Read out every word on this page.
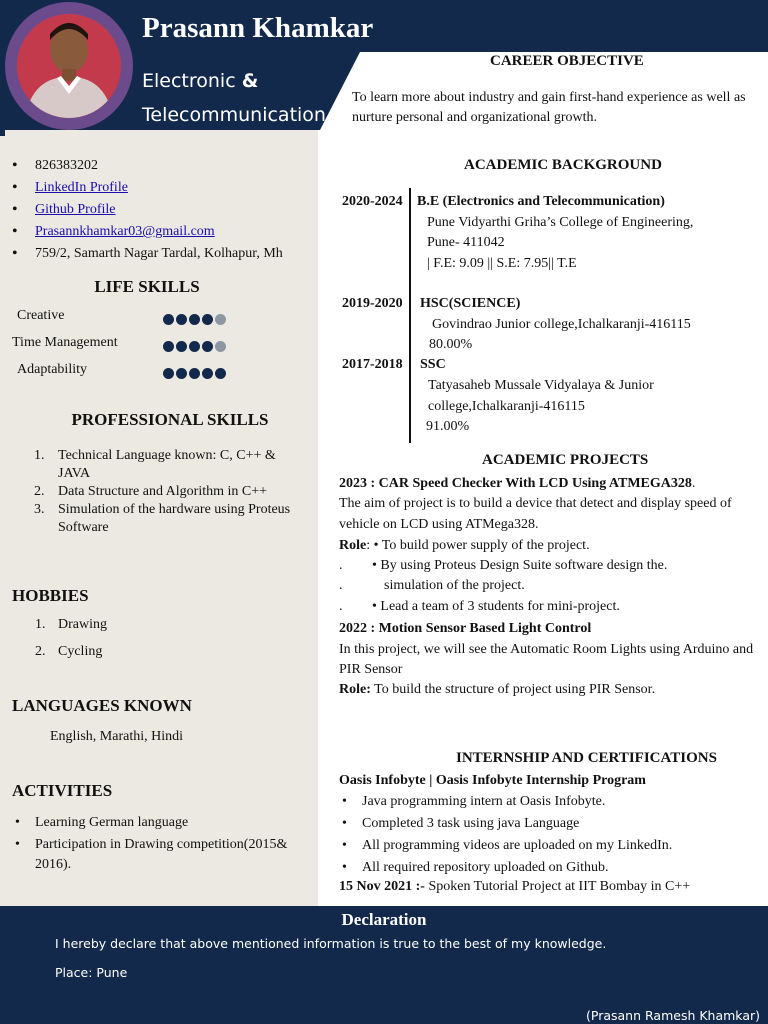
Prasann Khamkar
Electronic &
Telecommunication
• 826383202
• LinkedIn Profile
• Github Profile
• Prasannkhamkar03@gmail.com
• 759/2, Samarth Nagar Tardal, Kolhapur, Mh
LIFE SKILLS
Creative
Time Management
Adaptability
PROFESSIONAL SKILLS
1. Technical Language known: C, C++ &
JAVA
2. Data Structure and Algorithm in C++
3. Simulation of the hardware using Proteus
Software
HOBBIES
1. Drawing
2. Cycling
LANGUAGES KNOWN
English, Marathi, Hindi
ACTIVITIES
• Learning German language
• Participation in Drawing competition(2015&
2016).
CAREER OBJECTIVE
To learn more about industry and gain first-hand experience as well as
nurture personal and organizational growth.
ACADEMIC BACKGROUND
2020-2024 B.E (Electronics and Telecommunication)
Pune Vidyarthi Griha’s College of Engineering,
Pune- 411042
| F.E: 9.09 || S.E: 7.95|| T.E
2019-2020 HSC(SCIENCE)
Govindrao Junior college,Ichalkaranji-416115
80.00%
2017-2018 SSC
Tatyasaheb Mussale Vidyalaya & Junior
college,Ichalkaranji-416115
91.00%
ACADEMIC PROJECTS
2023 : CAR Speed Checker With LCD Using ATMEGA328.
The aim of project is to build a device that detect and display speed of
vehicle on LCD using ATMega328.
Role: • To build power supply of the project.
. • By using Proteus Design Suite software design the.
.	simulation of the project.
. • Lead a team of 3 students for mini-project.
2022 : Motion Sensor Based Light Control
In this project, we will see the Automatic Room Lights using Arduino and
PIR Sensor
Role: To build the structure of project using PIR Sensor.
INTERNSHIP AND CERTIFICATIONS
Oasis Infobyte | Oasis Infobyte Internship Program
• Java programming intern at Oasis Infobyte.
• Completed 3 task using java Language
• All programming videos are uploaded on my LinkedIn.
• All required repository uploaded on Github.
15 Nov 2021 :- Spoken Tutorial Project at IIT Bombay in C++
Declaration
I hereby declare that above mentioned information is true to the best of my knowledge.
Place: Pune
(Prasann Ramesh Khamkar)
